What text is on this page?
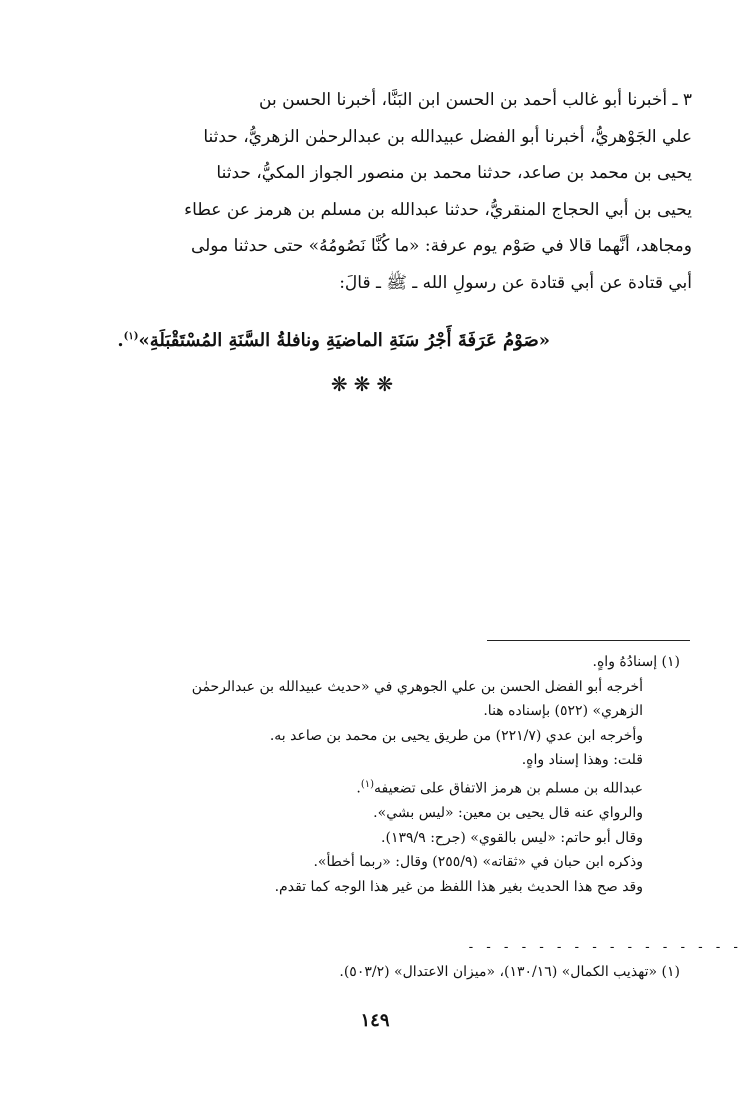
٣ ـ أخبرنا أبو غالب أحمد بن الحسن ابن البَنَّا، أخبرنا الحسن بن

علي الجَوْهريُّ، أخبرنا أبو الفضل عبيدالله بن عبدالرحمٰن الزهريُّ، حدثنا

يحيى بن محمد بن صاعد، حدثنا محمد بن منصور الجواز المكيُّ، حدثنا

يحيى بن أبي الحجاج المنقريُّ، حدثنا عبدالله بن مسلم بن هرمز عن عطاء

ومجاهد، أنَّهما قالا في صَوْم يوم عرفة: «ما كُنَّا نَصُومُهُ» حتى حدثنا مولى

أبي قتادة عن أبي قتادة عن رسولِ الله ـ ﷺ ـ قالَ:

«صَوْمُ عَرَفَةَ أَجْرُ سَنَةِ الماضيَةِ ونافلةُ السَّنَةِ المُسْتَقْبَلَةِ»$^{(١)}$.
❋❋❋

(١) إسنادُهُ واهٍ.

أخرجه أبو الفضل الحسن بن علي الجوهري في «حديث عبيدالله بن عبدالرحمٰن

الزهري» (٥٢٢) بإسناده هنا.

وأخرجه ابن عدي (٢٢١/٧) من طريق يحيى بن محمد بن صاعد به.

قلت: وهذا إسناد واهٍ.

عبدالله بن مسلم بن هرمز الاتفاق على تضعيفه$^{(١)}$.

والرواي عنه قال يحيى بن معين: «ليس بشي».

وقال أبو حاتم: «ليس بالقوي» (جرح: ١٣٩/٩).

وذكره ابن حبان في «ثقاته» (٢٥٥/٩) وقال: «ربما أخطأ».

وقد صح هذا الحديث بغير هذا اللفظ من غير هذا الوجه كما تقدم.

- - - - - - - - - - - - - - - -
(١) «تهذيب الكمال» (١٣٠/١٦)، «ميزان الاعتدال» (٥٠٣/٢).
١٤٩
